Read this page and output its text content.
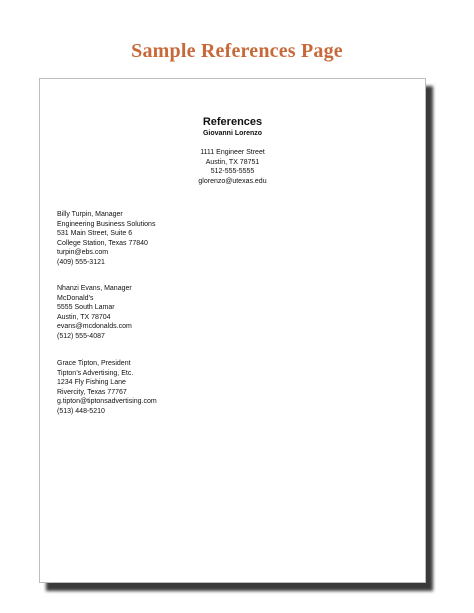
Sample References Page
References
Giovanni Lorenzo
1111 Engineer Street
Austin, TX 78751
512-555-5555
glorenzo@utexas.edu
Billy Turpin, Manager
Engineering Business Solutions
531 Main Street, Suite 6
College Station, Texas 77840
turpin@ebs.com
(409) 555-3121
Nhanzi Evans, Manager
McDonald’s
5555 South Lamar
Austin, TX 78704
evans@mcdonalds.com
(512) 555-4087
Grace Tipton, President
Tipton’s Advertising, Etc.
1234 Fly Fishing Lane
Rivercity, Texas 77767
g.tipton@tiptonsadvertising.com
(513) 448-5210
